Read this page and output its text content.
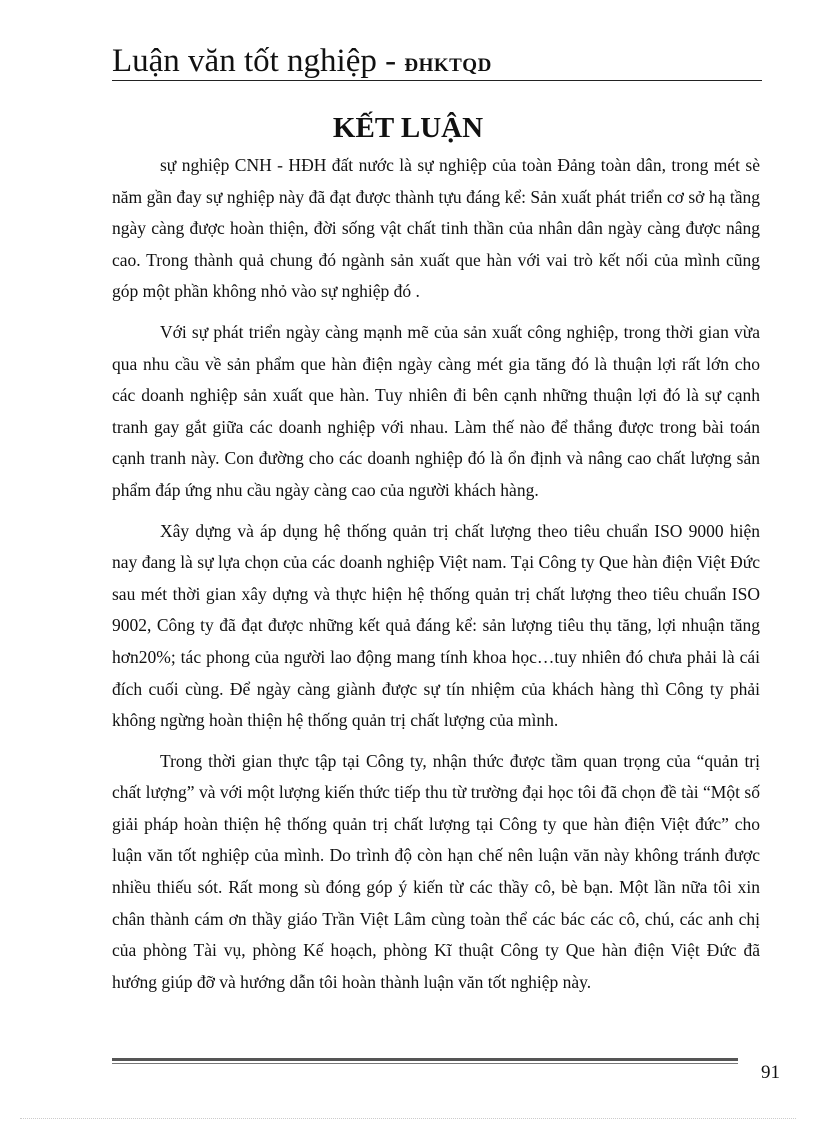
Luận văn tốt nghiệp - ĐHKTQD
KẾT LUẬN

sự nghiệp CNH - HĐH đất nước là sự nghiệp của toàn Đảng toàn dân, trong mét sè năm gần đay sự nghiệp này đã đạt được thành tựu đáng kể: Sản xuất phát triển cơ sở hạ tầng ngày càng được hoàn thiện, đời sống vật chất tinh thần của nhân dân ngày càng được nâng cao. Trong thành quả chung đó ngành sản xuất que hàn với vai trò kết nối của mình cũng góp một phần không nhỏ vào sự nghiệp đó .

Với sự phát triển ngày càng mạnh mẽ của sản xuất công nghiệp, trong thời gian vừa qua nhu cầu về sản phẩm que hàn điện ngày càng mét gia tăng đó là thuận lợi rất lớn cho các doanh nghiệp sản xuất que hàn. Tuy nhiên đi bên cạnh những thuận lợi đó là sự cạnh tranh gay gắt giữa các doanh nghiệp với nhau. Làm thế nào để thắng được trong bài toán cạnh tranh này. Con đường cho các doanh nghiệp đó là ổn định và nâng cao chất lượng sản phẩm đáp ứng nhu cầu ngày càng cao của người khách hàng.

Xây dựng và áp dụng hệ thống quản trị chất lượng theo tiêu chuẩn ISO 9000 hiện nay đang là sự lựa chọn của các doanh nghiệp Việt nam. Tại Công ty Que hàn điện Việt Đức sau mét thời gian xây dựng và thực hiện hệ thống quản trị chất lượng theo tiêu chuẩn ISO 9002, Công ty đã đạt được những kết quả đáng kể: sản lượng tiêu thụ tăng, lợi nhuận tăng hơn20%; tác phong của người lao động mang tính khoa học…tuy nhiên đó chưa phải là cái đích cuối cùng. Để ngày càng giành được sự tín nhiệm của khách hàng thì Công ty phải không ngừng hoàn thiện hệ thống quản trị chất lượng của mình.

Trong thời gian thực tập tại Công ty, nhận thức được tầm quan trọng của “quản trị chất lượng” và với một lượng kiến thức tiếp thu từ trường đại học tôi đã chọn đề tài “Một số giải pháp hoàn thiện hệ thống quản trị chất lượng tại Công ty que hàn điện Việt đức” cho luận văn tốt nghiệp của mình. Do trình độ còn hạn chế nên luận văn này không tránh được nhiều thiếu sót. Rất mong sù đóng góp ý kiến từ các thầy cô, bè bạn. Một lần nữa tôi xin chân thành cám ơn thầy giáo Trần Việt Lâm cùng toàn thể các bác các cô, chú, các anh chị của phòng Tài vụ, phòng Kế hoạch, phòng Kĩ thuật Công ty Que hàn điện Việt Đức đã hướng giúp đỡ và hướng dẫn tôi hoàn thành luận văn tốt nghiệp này.

91
